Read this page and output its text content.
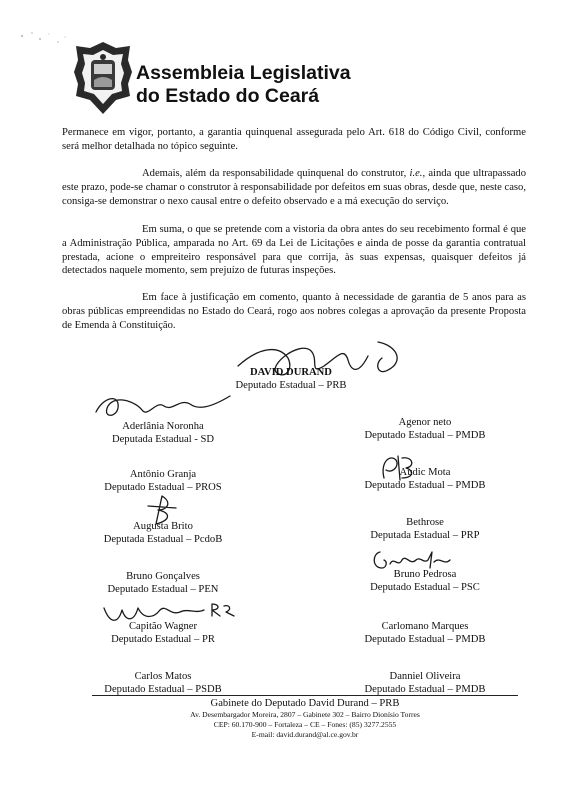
Assembleia Legislativa
do Estado do Ceará
Permanece em vigor, portanto, a garantia quinquenal assegurada pelo Art. 618 do Código Civil, conforme será melhor detalhada no tópico seguinte.
Ademais, além da responsabilidade quinquenal do construtor, i.e., ainda que ultrapassado este prazo, pode-se chamar o construtor à responsabilidade por defeitos em suas obras, desde que, neste caso, consiga-se demonstrar o nexo causal entre o defeito observado e a má execução do serviço.
Em suma, o que se pretende com a vistoria da obra antes do seu recebimento formal é que a Administração Pública, amparada no Art. 69 da Lei de Licitações e ainda de posse da garantia contratual prestada, acione o empreiteiro responsável para que corrija, às suas expensas, quaisquer defeitos já detectados naquele momento, sem prejuízo de futuras inspeções.
Em face à justificação em comento, quanto à necessidade de garantia de 5 anos para as obras públicas empreendidas no Estado do Ceará, rogo aos nobres colegas a aprovação da presente Proposta de Emenda à Constituição.
DAVID DURAND
Deputado Estadual – PRB
Aderlânia Noronha
Deputada Estadual - SD
Antônio Granja
Deputado Estadual – PROS
Augusta Brito
Deputada Estadual – PcdoB
Bruno Gonçalves
Deputado Estadual – PEN
Capitão Wagner
Deputado Estadual – PR
Carlos Matos
Deputado Estadual – PSDB
Agenor neto
Deputado Estadual – PMDB
Audic Mota
Deputado Estadual – PMDB
Bethrose
Deputada Estadual – PRP
Bruno Pedrosa
Deputado Estadual – PSC
Carlomano Marques
Deputado Estadual – PMDB
Danniel Oliveira
Deputado Estadual – PMDB
Gabinete do Deputado David Durand – PRB
Av. Desembargador Moreira, 2807 – Gabinete 302 – Bairro Dionísio Torres
CEP: 60.170-900 – Fortaleza – CE – Fones: (85) 3277.2555
E-mail: david.durand@al.ce.gov.br
